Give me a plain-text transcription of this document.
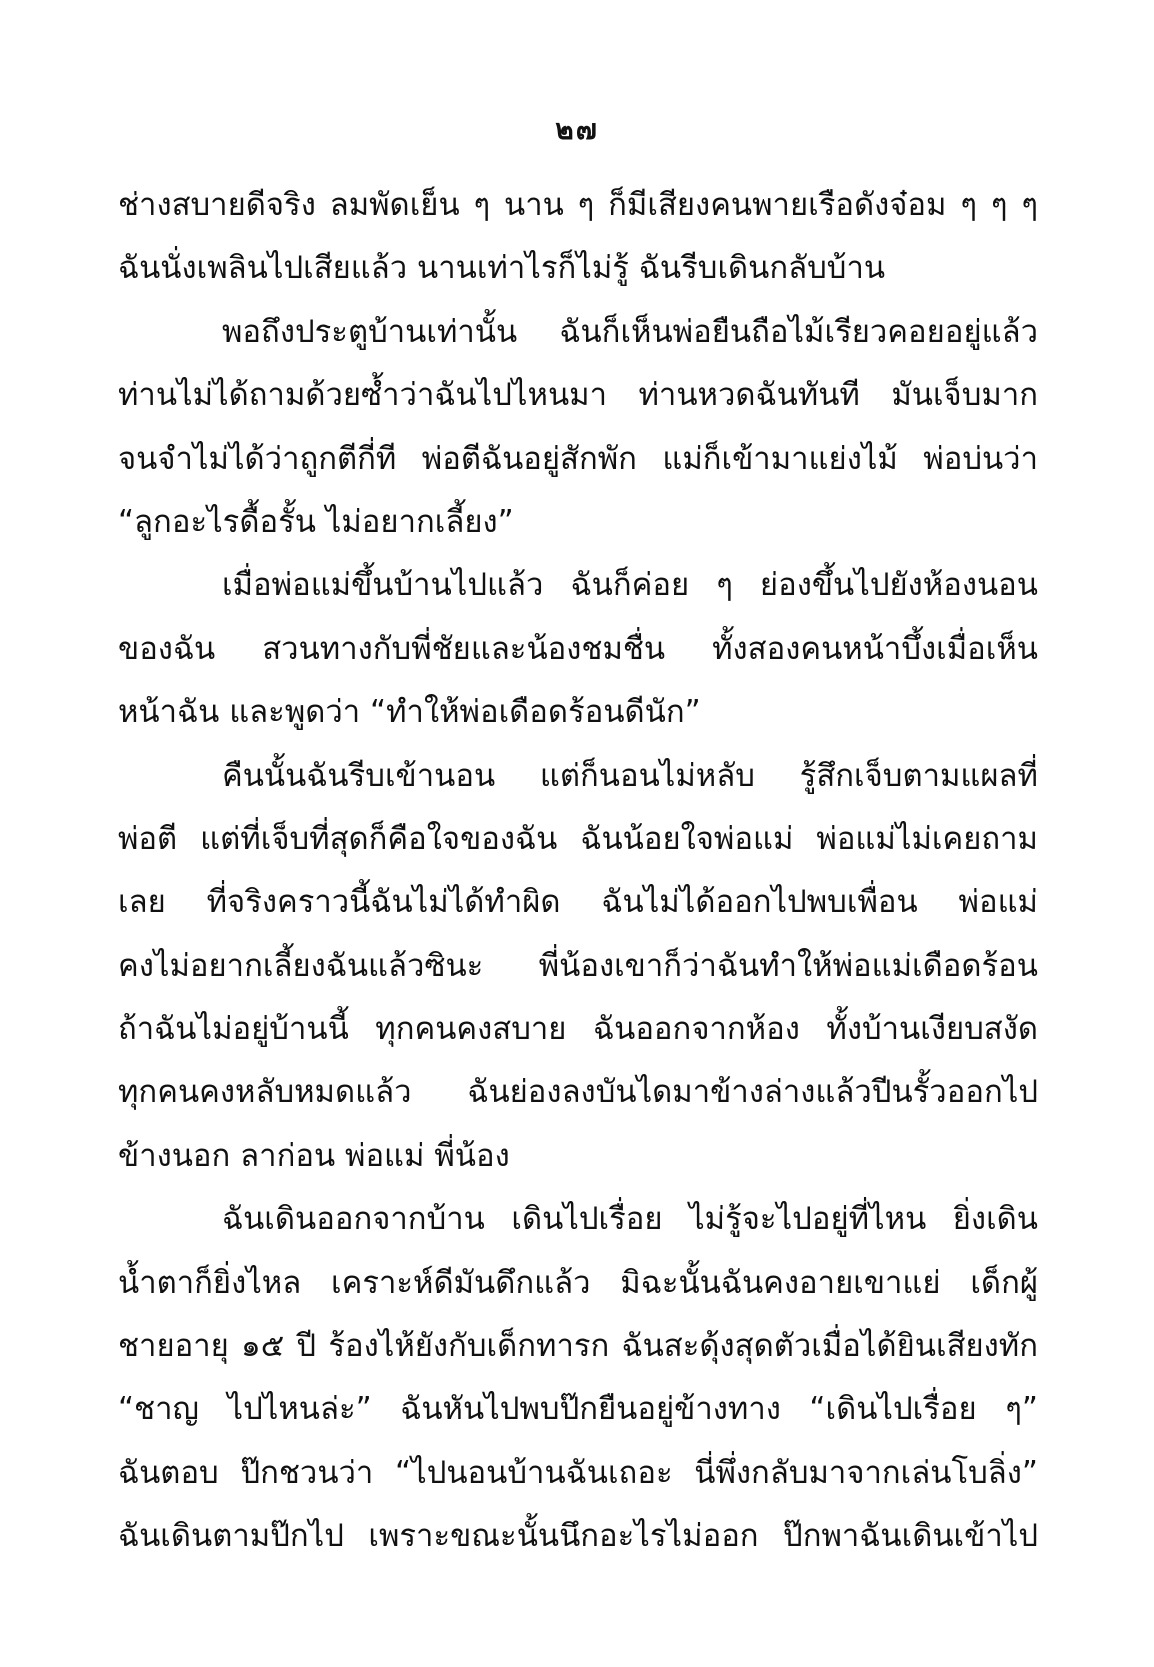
๒๗
ช่างสบายดีจริง ลมพัดเย็น ๆ นาน ๆ ก็มีเสียงคนพายเรือดังจ๋อม ๆ ๆ ๆ
ฉันนั่งเพลินไปเสียแล้ว นานเท่าไรก็ไม่รู้ ฉันรีบเดินกลับบ้าน
พอถึงประตูบ้านเท่านั้น ฉันก็เห็นพ่อยืนถือไม้เรียวคอยอยู่แล้ว
ท่านไม่ได้ถามด้วยซ้ำว่าฉันไปไหนมา ท่านหวดฉันทันที มันเจ็บมาก
จนจำไม่ได้ว่าถูกตีกี่ที พ่อตีฉันอยู่สักพัก แม่ก็เข้ามาแย่งไม้ พ่อบ่นว่า
“ลูกอะไรดื้อรั้น ไม่อยากเลี้ยง”
เมื่อพ่อแม่ขึ้นบ้านไปแล้ว ฉันก็ค่อย ๆ ย่องขึ้นไปยังห้องนอน
ของฉัน สวนทางกับพี่ชัยและน้องชมชื่น ทั้งสองคนหน้าบึ้งเมื่อเห็น
หน้าฉัน และพูดว่า “ทำให้พ่อเดือดร้อนดีนัก”
คืนนั้นฉันรีบเข้านอน แต่ก็นอนไม่หลับ รู้สึกเจ็บตามแผลที่
พ่อตี แต่ที่เจ็บที่สุดก็คือใจของฉัน ฉันน้อยใจพ่อแม่ พ่อแม่ไม่เคยถาม
เลย ที่จริงคราวนี้ฉันไม่ได้ทำผิด ฉันไม่ได้ออกไปพบเพื่อน พ่อแม่
คงไม่อยากเลี้ยงฉันแล้วซินะ พี่น้องเขาก็ว่าฉันทำให้พ่อแม่เดือดร้อน
ถ้าฉันไม่อยู่บ้านนี้ ทุกคนคงสบาย ฉันออกจากห้อง ทั้งบ้านเงียบสงัด
ทุกคนคงหลับหมดแล้ว ฉันย่องลงบันไดมาข้างล่างแล้วปีนรั้วออกไป
ข้างนอก ลาก่อน พ่อแม่ พี่น้อง
ฉันเดินออกจากบ้าน เดินไปเรื่อย ไม่รู้จะไปอยู่ที่ไหน ยิ่งเดิน
น้ำตาก็ยิ่งไหล เคราะห์ดีมันดึกแล้ว มิฉะนั้นฉันคงอายเขาแย่ เด็กผู้
ชายอายุ ๑๕ ปี ร้องไห้ยังกับเด็กทารก ฉันสะดุ้งสุดตัวเมื่อได้ยินเสียงทัก
“ชาญ ไปไหนล่ะ” ฉันหันไปพบป๊กยืนอยู่ข้างทาง “เดินไปเรื่อย ๆ”
ฉันตอบ ป๊กชวนว่า “ไปนอนบ้านฉันเถอะ นี่พึ่งกลับมาจากเล่นโบลิ่ง”
ฉันเดินตามป๊กไป เพราะขณะนั้นนึกอะไรไม่ออก ป๊กพาฉันเดินเข้าไป
